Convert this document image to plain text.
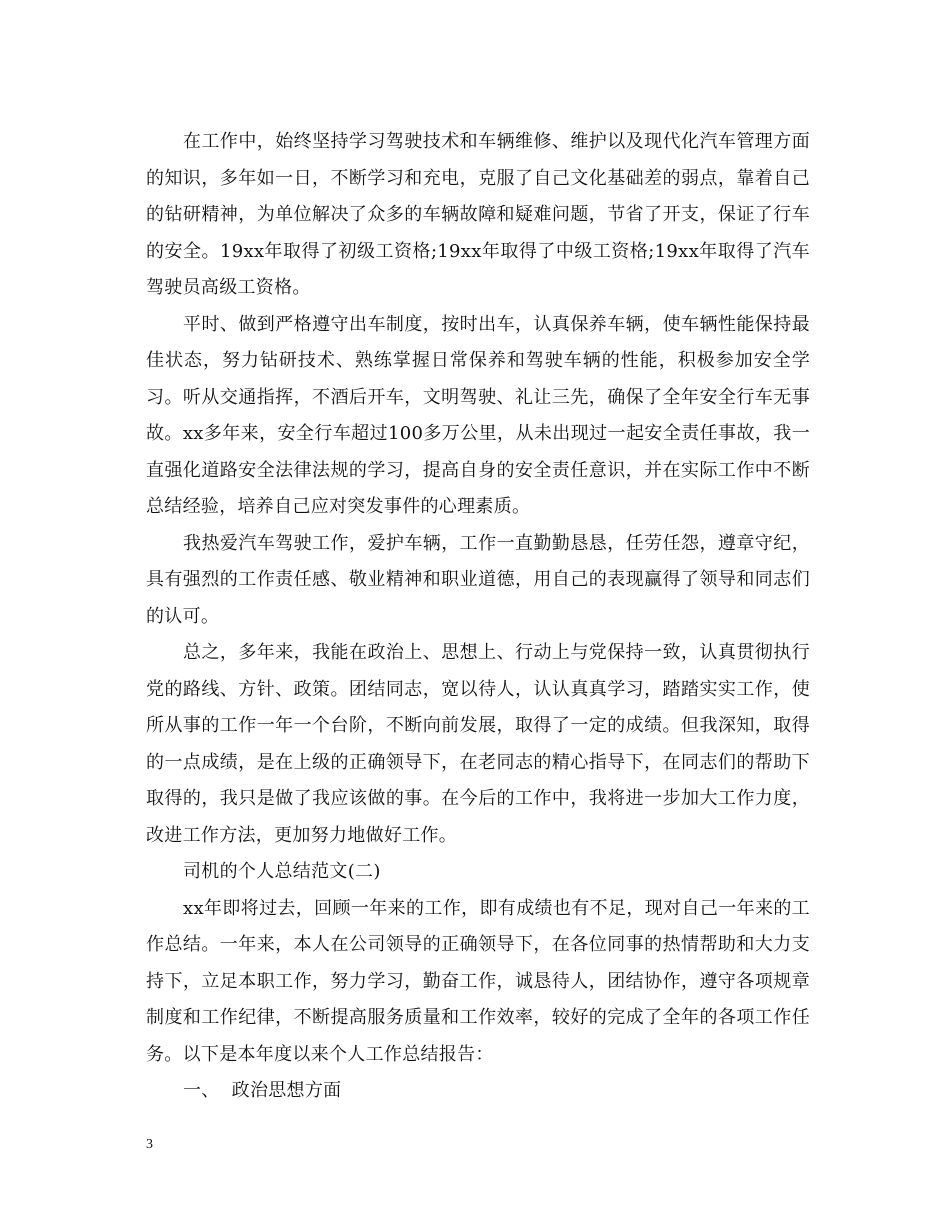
在工作中，始终坚持学习驾驶技术和车辆维修、维护以及现代化汽车管理方面的知识，多年如一日，不断学习和充电，克服了自己文化基础差的弱点，靠着自己的钻研精神，为单位解决了众多的车辆故障和疑难问题，节省了开支，保证了行车的安全。19xx年取得了初级工资格;19xx年取得了中级工资格;19xx年取得了汽车驾驶员高级工资格。

平时、做到严格遵守出车制度，按时出车，认真保养车辆，使车辆性能保持最佳状态，努力钻研技术、熟练掌握日常保养和驾驶车辆的性能，积极参加安全学习。听从交通指挥，不酒后开车，文明驾驶、礼让三先，确保了全年安全行车无事故。xx多年来，安全行车超过100多万公里，从未出现过一起安全责任事故，我一直强化道路安全法律法规的学习，提高自身的安全责任意识，并在实际工作中不断总结经验，培养自己应对突发事件的心理素质。

我热爱汽车驾驶工作，爱护车辆，工作一直勤勤恳恳，任劳任怨，遵章守纪，具有强烈的工作责任感、敬业精神和职业道德，用自己的表现赢得了领导和同志们的认可。

总之，多年来，我能在政治上、思想上、行动上与党保持一致，认真贯彻执行党的路线、方针、政策。团结同志，宽以待人，认认真真学习，踏踏实实工作，使所从事的工作一年一个台阶，不断向前发展，取得了一定的成绩。但我深知，取得的一点成绩，是在上级的正确领导下，在老同志的精心指导下，在同志们的帮助下取得的，我只是做了我应该做的事。在今后的工作中，我将进一步加大工作力度，改进工作方法，更加努力地做好工作。

司机的个人总结范文(二)

xx年即将过去，回顾一年来的工作，即有成绩也有不足，现对自己一年来的工作总结。一年来，本人在公司领导的正确领导下，在各位同事的热情帮助和大力支持下，立足本职工作，努力学习，勤奋工作，诚恳待人，团结协作，遵守各项规章制度和工作纪律，不断提高服务质量和工作效率，较好的完成了全年的各项工作任务。以下是本年度以来个人工作总结报告：

一、  政治思想方面

3
